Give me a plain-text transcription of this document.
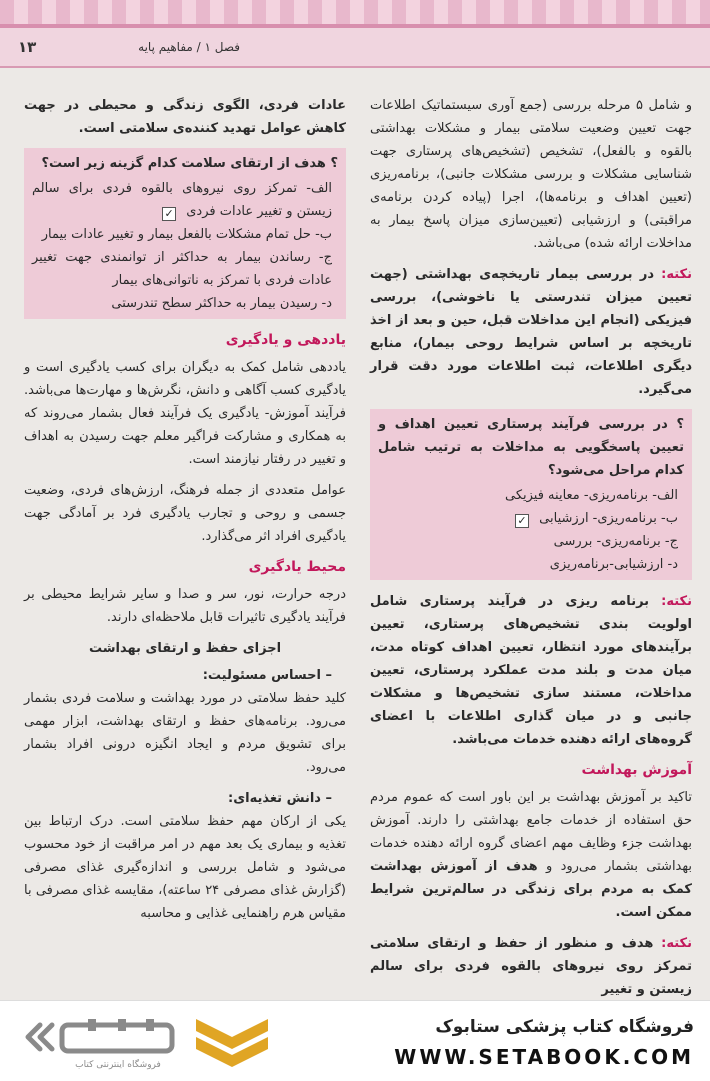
۱۳	فصل ۱ / مفاهیم پایه

و شامل ۵ مرحله بررسی (جمع آوری سیستماتیک اطلاعات جهت تعیین وضعیت سلامتی بیمار و مشکلات بهداشتی بالقوه و بالفعل)، تشخیص (تشخیص‌های پرستاری جهت شناسایی مشکلات و بررسی مشکلات جانبی)، برنامه‌ریزی (تعیین اهداف و برنامه‌ها)، اجرا (پیاده کردن برنامه‌ی مراقبتی) و ارزشیابی (تعیین‌سازی میزان پاسخ بیمار به مداخلات ارائه شده) می‌باشد.

نکته: در بررسی بیمار تاریخچه‌ی بهداشتی (جهت تعیین میزان تندرستی یا ناخوشی)، بررسی فیزیکی (انجام این مداخلات قبل، حین و بعد از اخذ تاریخچه بر اساس شرایط روحی بیمار)، منابع دیگری اطلاعات، ثبت اطلاعات مورد دقت قرار می‌گیرد.

؟ در بررسی فرآیند پرستاری تعیین اهداف و تعیین پاسخگویی به مداخلات به ترتیب شامل کدام مراحل می‌شود؟
الف- برنامه‌ریزی- معاینه فیزیکی
ب- برنامه‌ریزی- ارزشیابی ✓
ج- برنامه‌ریزی- بررسی
د- ارزشیابی-برنامه‌ریزی

نکته: برنامه ریزی در فرآیند پرستاری شامل اولویت بندی تشخیص‌های پرستاری، تعیین برآیندهای مورد انتظار، تعیین اهداف کوتاه مدت، میان مدت و بلند مدت عملکرد پرستاری، تعیین مداخلات، مستند سازی تشخیص‌ها و مشکلات جانبی و در میان گذاری اطلاعات با اعضای گروه‌های ارائه دهنده خدمات می‌باشد.

آموزش بهداشت

تاکید بر آموزش بهداشت بر این باور است که عموم مردم حق استفاده از خدمات جامع بهداشتی را دارند. آموزش بهداشت جزء وظایف مهم اعضای گروه ارائه دهنده خدمات بهداشتی بشمار می‌رود و هدف از آموزش بهداشت کمک به مردم برای زندگی در سالم‌ترین شرایط ممکن است.

نکته: هدف و منظور از حفظ و ارتقای سلامتی تمرکز روی نیروهای بالقوه فردی برای سالم زیستن و تغییر

عادات فردی، الگوی زندگی و محیطی در جهت کاهش عوامل تهدید کننده‌ی سلامتی است.

؟ هدف از ارتقای سلامت کدام گزینه زیر است؟
الف- تمرکز روی نیروهای بالقوه فردی برای سالم زیستن و تغییر عادات فردی ✓
ب- حل تمام مشکلات بالفعل بیمار و تغییر عادات بیمار
ج- رساندن بیمار به حداکثر از توانمندی جهت تغییر عادات فردی با تمرکز به ناتوانی‌های بیمار
د- رسیدن بیمار به حداکثر سطح تندرستی
یاددهی و یادگیری

یاددهی شامل کمک به دیگران برای کسب یادگیری است و یادگیری کسب آگاهی و دانش، نگرش‌ها و مهارت‌ها می‌باشد. فرآیند آموزش- یادگیری یک فرآیند فعال بشمار می‌روند که به همکاری و مشارکت فراگیر معلم جهت رسیدن به اهداف و تغییر در رفتار نیازمند است.

عوامل متعددی از جمله فرهنگ، ارزش‌های فردی، وضعیت جسمی و روحی و تجارب یادگیری فرد بر آمادگی جهت یادگیری افراد اثر می‌گذارد.

محیط یادگیری

درجه حرارت، نور، سر و صدا و سایر شرایط محیطی بر فرآیند یادگیری تاثیرات قابل ملاحظه‌ای دارند.

اجزای حفظ و ارتقای بهداشت
– احساس مسئولیت:

کلید حفظ سلامتی در مورد بهداشت و سلامت فردی بشمار می‌رود. برنامه‌های حفظ و ارتقای بهداشت، ابزار مهمی برای تشویق مردم و ایجاد انگیزه درونی افراد بشمار می‌رود.

– دانش تغذیه‌ای:

یکی از ارکان مهم حفظ سلامتی است. درک ارتباط بین تغذیه و بیماری یک بعد مهم در امر مراقبت از خود محسوب می‌شود و شامل بررسی و اندازه‌گیری غذای مصرفی (گزارش غذای مصرفی ۲۴ ساعته)، مقایسه غذای مصرفی با مقیاس هرم راهنمایی غذایی و محاسبه

فروشگاه اینترنتی کتاب
فروشگاه کتاب پزشکی ستابوک
WWW.SETABOOK.COM
